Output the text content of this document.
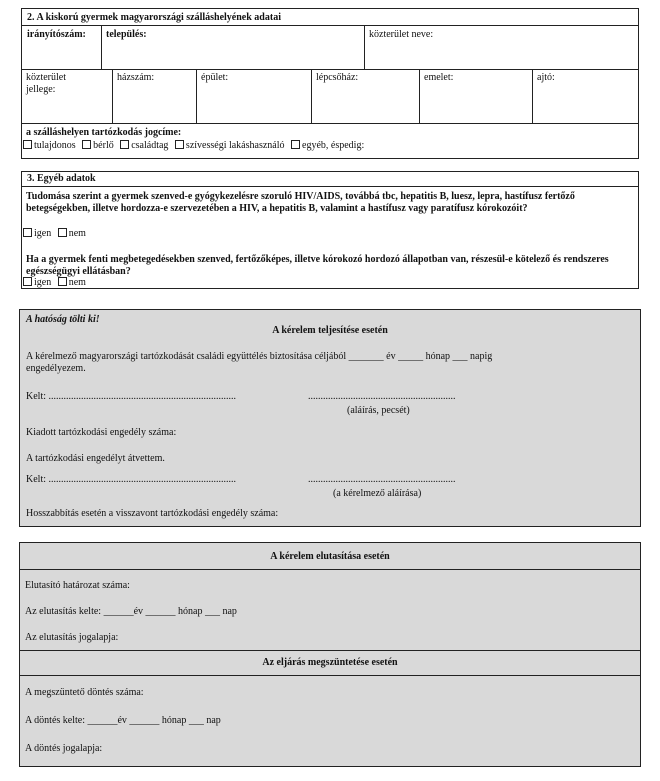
2. A kiskorú gyermek magyarországi szálláshelyének adatai
irányítószám: település:	közterület neve:
közterület jellege:
házszám:	épület:	lépcsőház:	emelet:	ajtó:
a szálláshelyen tartózkodás jogcíme:
tulajdonos bérlő családtag szívességi lakáshasználó egyéb, éspedig:
3. Egyéb adatok
Tudomása szerint a gyermek szenved-e gyógykezelésre szoruló HIV/AIDS, továbbá tbc, hepatitis B, luesz, lepra, hastífusz fertőző betegségekben, illetve hordozza-e szervezetében a HIV, a hepatitis B, valamint a hastífusz vagy paratífusz kórokozóit?
igen nem
Ha a gyermek fenti megbetegedésekben szenved, fertőzőképes, illetve kórokozó hordozó állapotban van, részesül-e kötelező és rendszeres egészségügyi ellátásban?
igen nem
A hatóság tölti ki!
A kérelem teljesítése esetén
A kérelmező magyarországi tartózkodását családi együttélés biztosítása céljából _______ év _____ hónap ___ napig
engedélyezem.
Kelt: ...........................................................................	...........................................................
(aláírás, pecsét)
Kiadott tartózkodási engedély száma:
A tartózkodási engedélyt átvettem.
Kelt: ...........................................................................	...........................................................
(a kérelmező aláírása)
Hosszabbítás esetén a visszavont tartózkodási engedély száma:
A kérelem elutasítása esetén
Elutasító határozat száma:
Az elutasítás kelte: ______év ______ hónap ___ nap
Az elutasítás jogalapja:
Az eljárás megszüntetése esetén
A megszüntető döntés száma:
A döntés kelte: ______év ______ hónap ___ nap
A döntés jogalapja:
